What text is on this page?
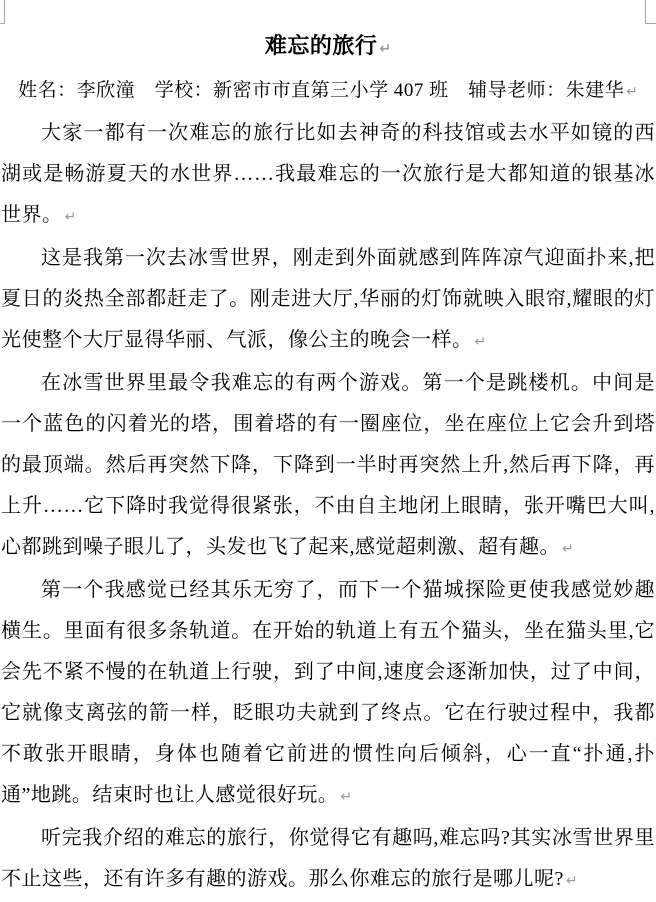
难忘的旅行 ↵

姓名：李欣潼　学校：新密市市直第三小学 407 班　辅导老师：朱建华 ↵

大家一都有一次难忘的旅行比如去神奇的科技馆或去水平如镜的西湖或是畅游夏天的水世界……我最难忘的一次旅行是大都知道的银基冰世界。 ↵

这是我第一次去冰雪世界，刚走到外面就感到阵阵凉气迎面扑来,把夏日的炎热全部都赶走了。刚走进大厅,华丽的灯饰就映入眼帘,耀眼的灯光使整个大厅显得华丽、气派，像公主的晚会一样。 ↵

在冰雪世界里最令我难忘的有两个游戏。第一个是跳楼机。中间是一个蓝色的闪着光的塔，围着塔的有一圈座位，坐在座位上它会升到塔的最顶端。然后再突然下降，下降到一半时再突然上升,然后再下降，再上升……它下降时我觉得很紧张，不由自主地闭上眼睛，张开嘴巴大叫,心都跳到噪子眼儿了，头发也飞了起来,感觉超刺激、超有趣。 ↵

第一个我感觉已经其乐无穷了，而下一个猫城探险更使我感觉妙趣横生。里面有很多条轨道。在开始的轨道上有五个猫头，坐在猫头里,它会先不紧不慢的在轨道上行驶，到了中间,速度会逐渐加快，过了中间，它就像支离弦的箭一样，眨眼功夫就到了终点。它在行驶过程中，我都不敢张开眼睛，身体也随着它前进的惯性向后倾斜，心一直“扑通,扑通”地跳。结束时也让人感觉很好玩。 ↵

听完我介绍的难忘的旅行，你觉得它有趣吗,难忘吗?其实冰雪世界里不止这些，还有许多有趣的游戏。那么你难忘的旅行是哪儿呢? ↵
